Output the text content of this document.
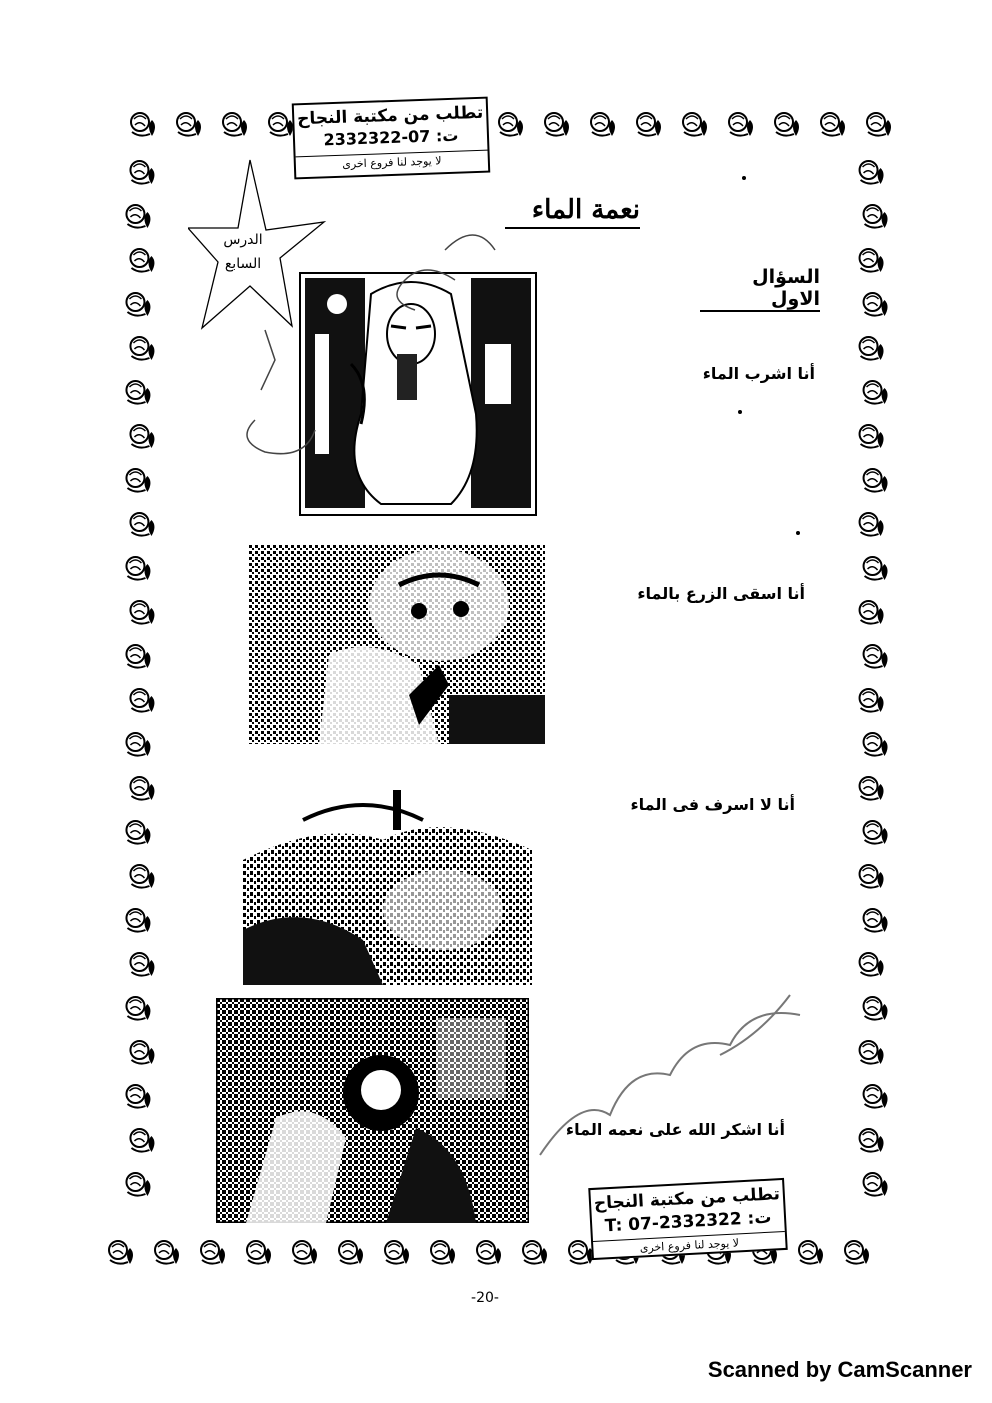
تطلب من مكتبة النجاح
ت: 07-2332322
لا يوجد لنا فروع اخرى
الدرس
السابع
نعمة الماء
السؤال الاول
أنا اشرب الماء
أنا اسقى الزرع بالماء
أنا لا اسرف فى الماء
أنا اشكر الله على نعمه الماء
تطلب من مكتبة النجاح
ت: T: 07-2332322
لا يوجد لنا فروع اخرى
-20-
Scanned by CamScanner
